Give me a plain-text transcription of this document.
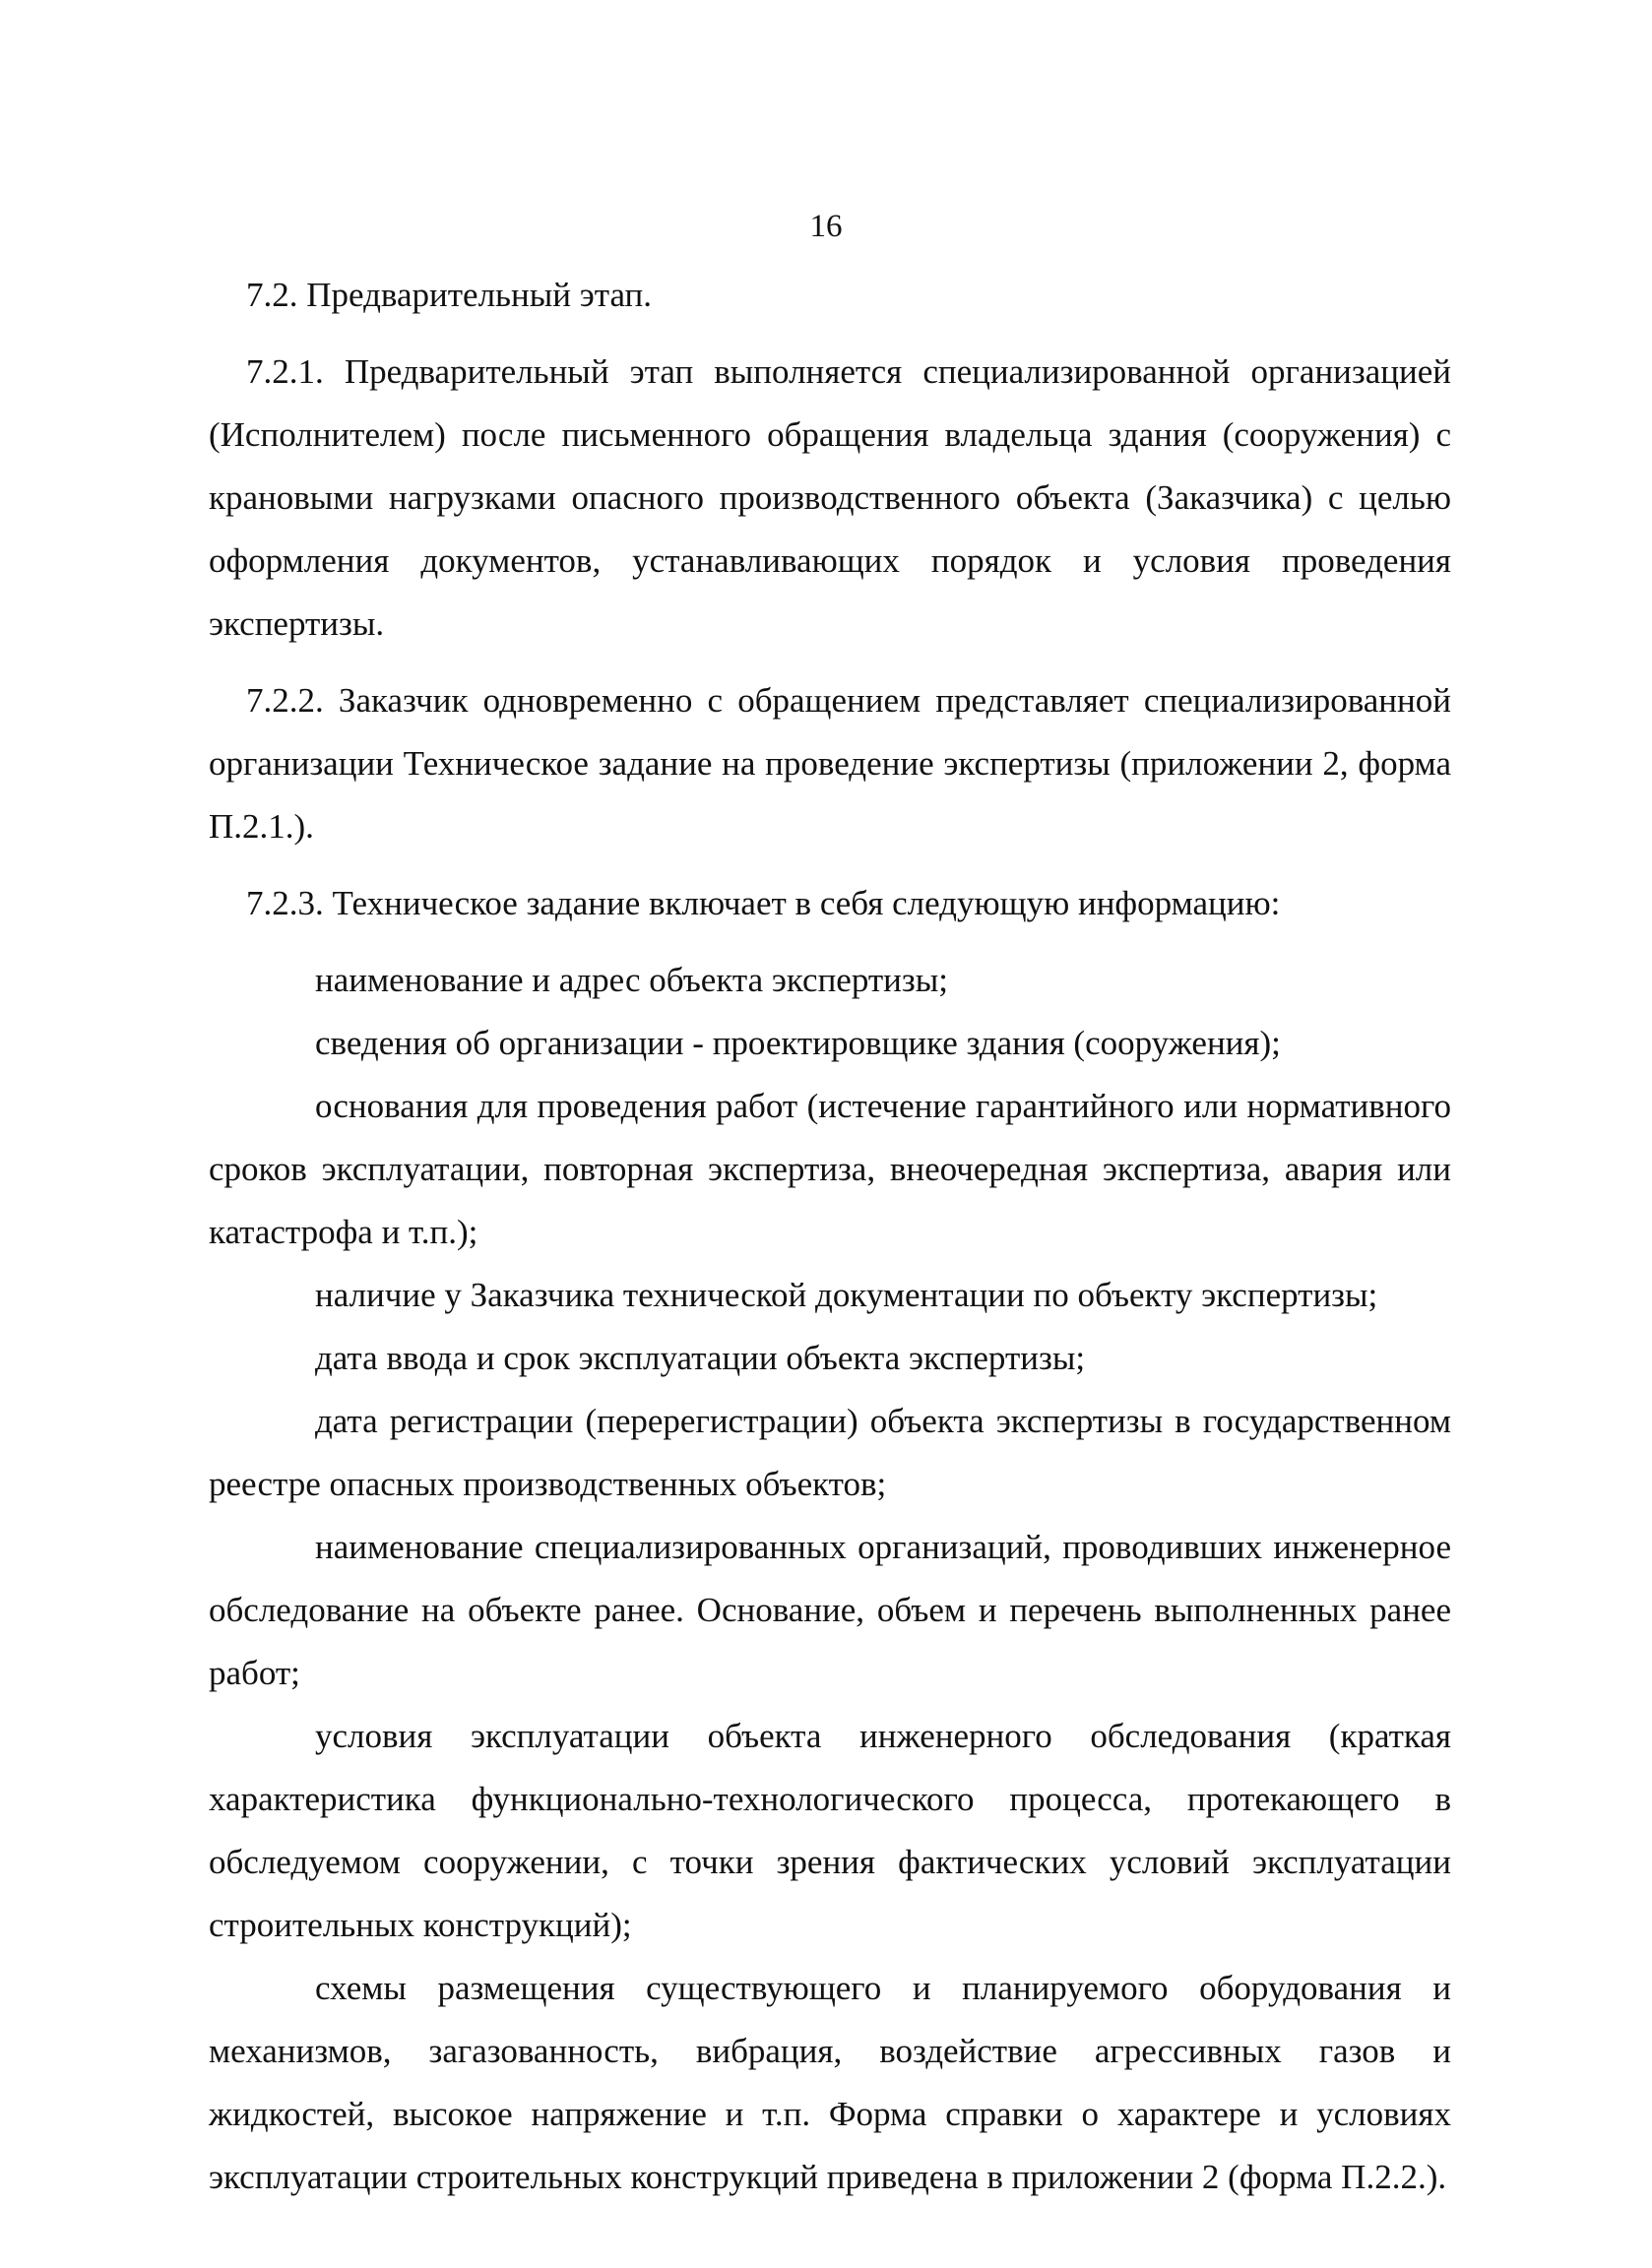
16

7.2. Предварительный этап.

7.2.1. Предварительный этап выполняется специализированной организацией (Исполнителем) после письменного обращения владельца здания (сооружения) с крановыми нагрузками опасного производственного объекта (Заказчика) с целью оформления документов, устанавливающих порядок и условия проведения экспертизы.

7.2.2. Заказчик одновременно с обращением представляет специализированной организации Техническое задание на проведение экспертизы (приложении 2, форма П.2.1.).

7.2.3. Техническое задание включает в себя следующую информацию:

наименование и адрес объекта экспертизы;

сведения об организации - проектировщике здания (сооружения);

основания для проведения работ (истечение гарантийного или нормативного сроков эксплуатации, повторная экспертиза, внеочередная экспертиза, авария или катастрофа и т.п.);

наличие у Заказчика технической документации по объекту экспертизы;

дата ввода и срок эксплуатации объекта экспертизы;

дата регистрации (перерегистрации) объекта экспертизы в государственном реестре опасных производственных объектов;

наименование специализированных организаций, проводивших инженерное обследование на объекте ранее. Основание, объем и перечень выполненных ранее работ;

условия эксплуатации объекта инженерного обследования (краткая характеристика функционально-технологического процесса, протекающего в обследуемом сооружении, с точки зрения фактических условий эксплуатации строительных конструкций);

схемы размещения существующего и планируемого оборудования и механизмов, загазованность, вибрация, воздействие агрессивных газов и жидкостей, высокое напряжение и т.п. Форма справки о характере и условиях эксплуатации строительных конструкций приведена в приложении 2 (форма П.2.2.).
